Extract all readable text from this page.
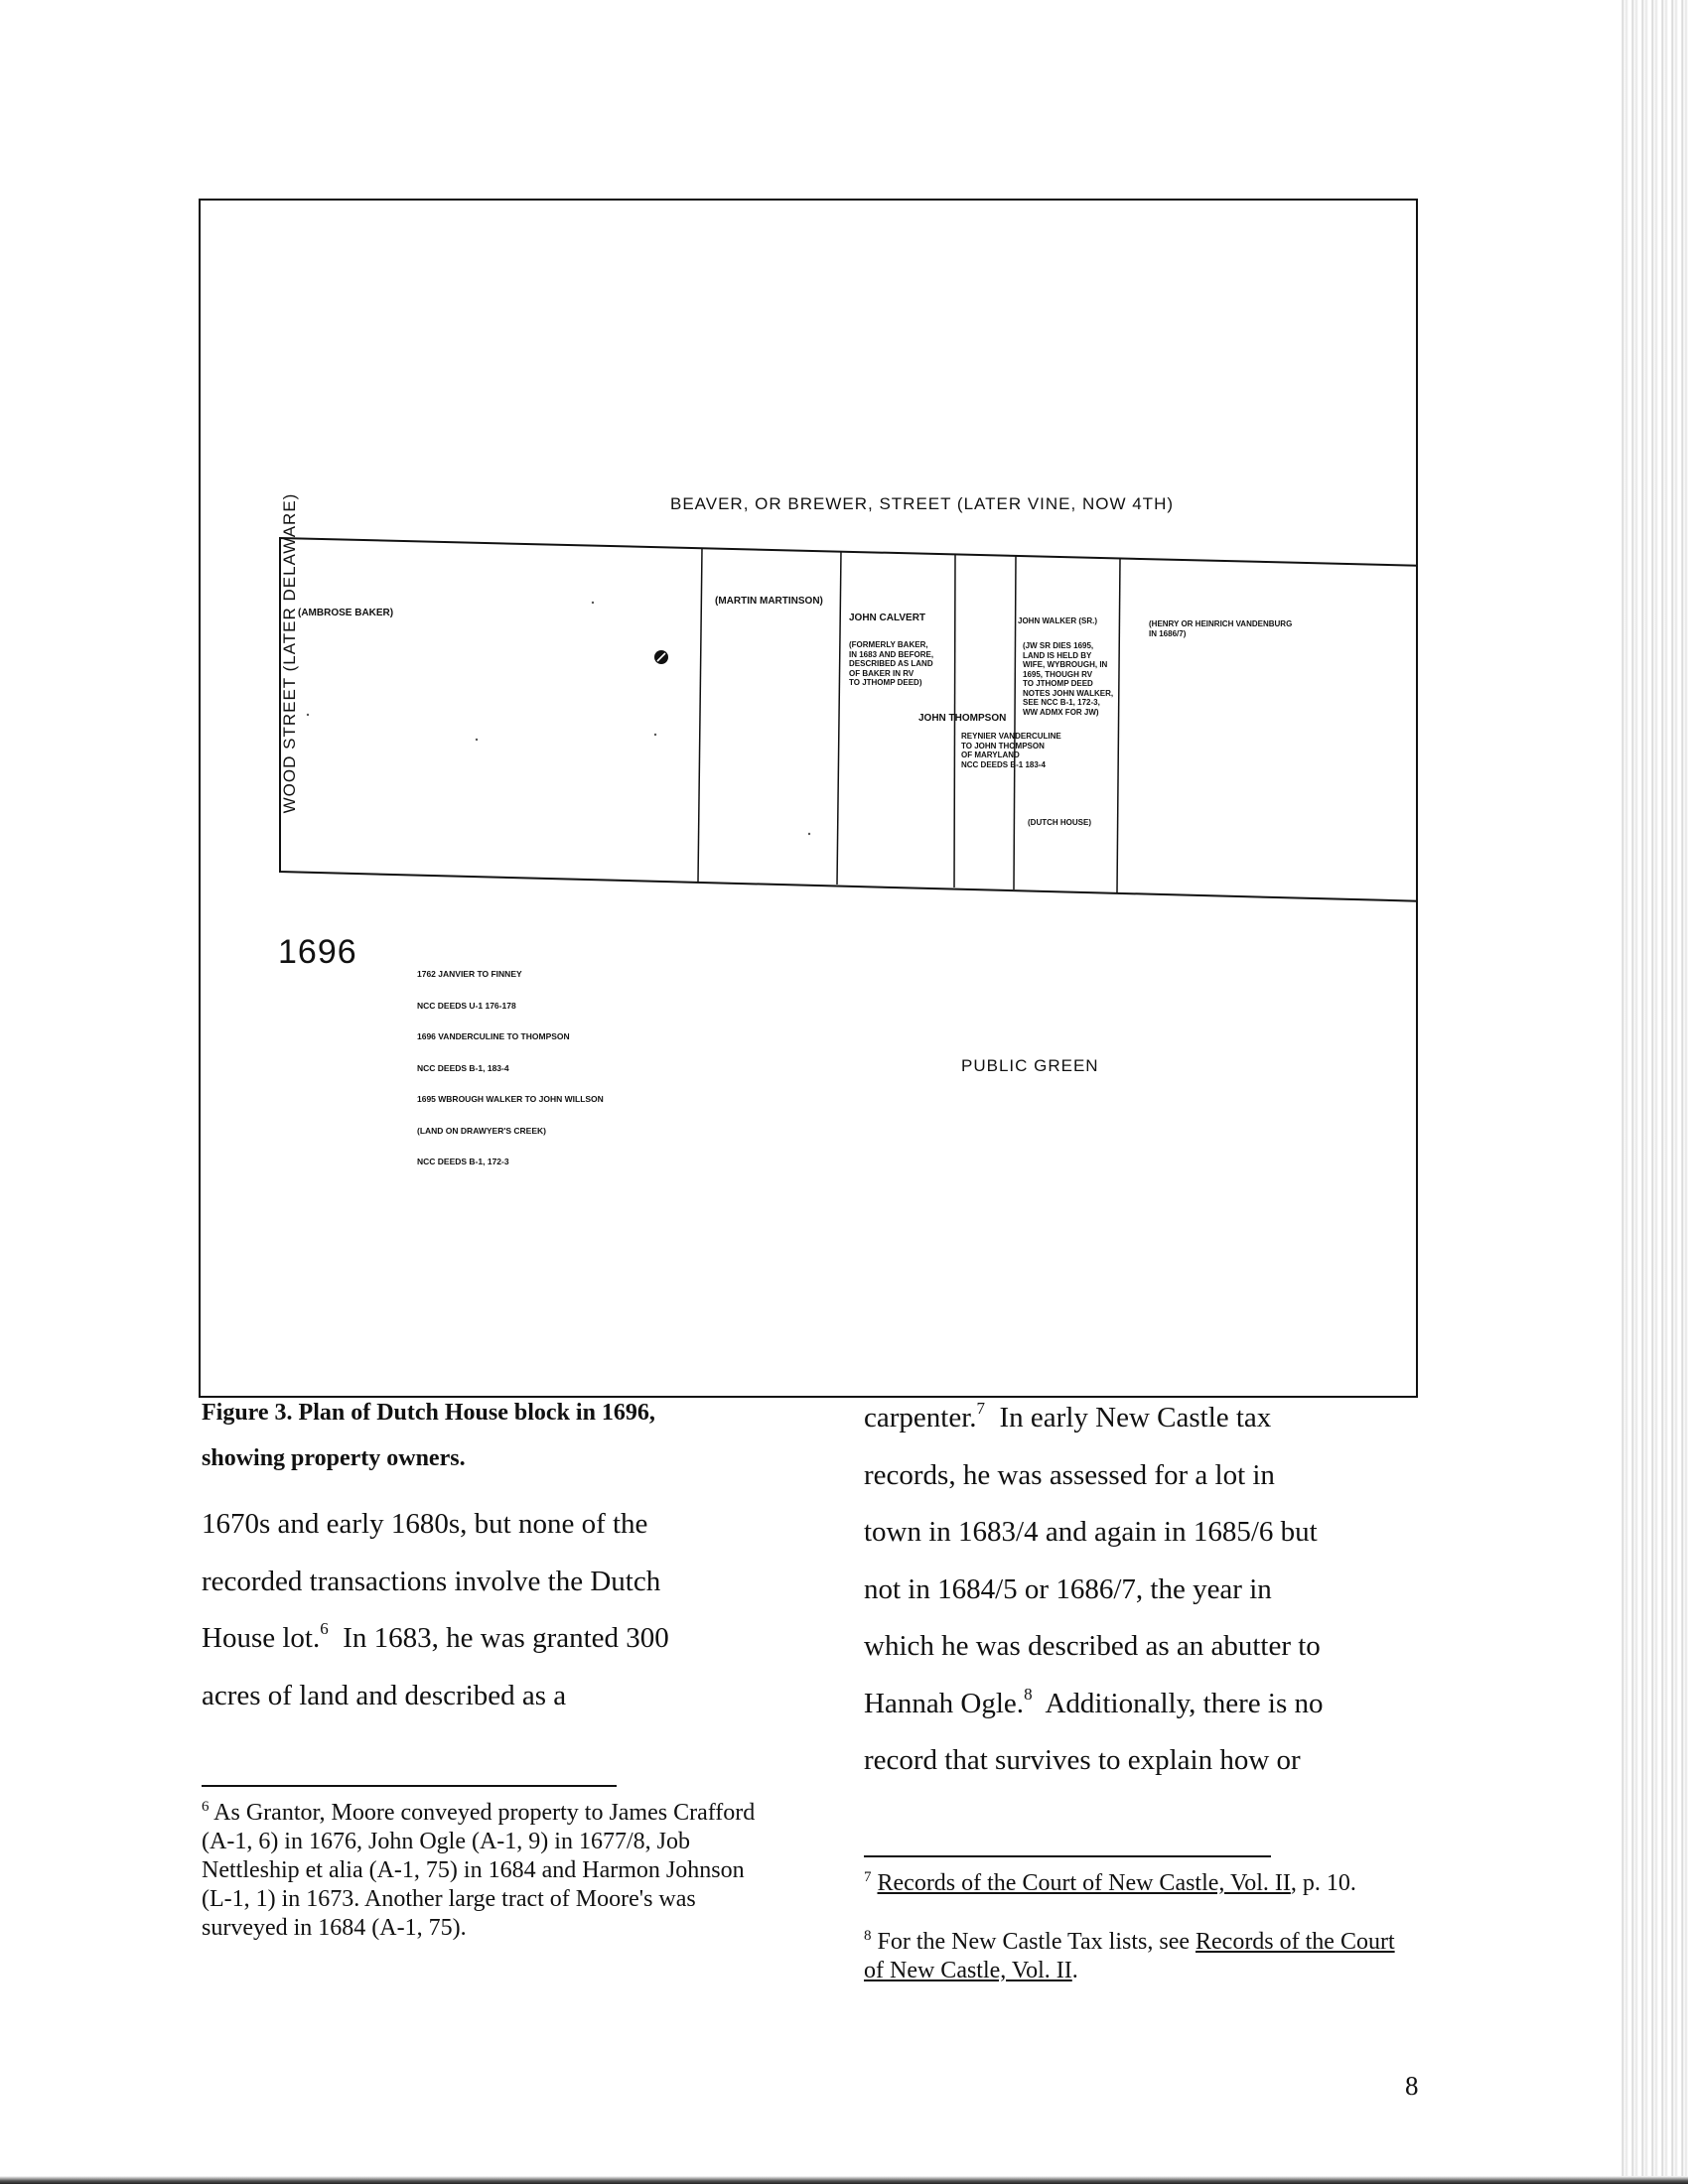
BEAVER, OR BREWER, STREET (LATER VINE, NOW 4TH)
WOOD STREET (LATER DELAWARE) (AMBROSE BAKER)
(MARTIN MARTINSON)
JOHN CALVERT
(FORMERLY BAKER,
IN 1683 AND BEFORE,
DESCRIBED AS LAND
OF BAKER IN RV
TO JTHOMP DEED)
JOHN THOMPSON
REYNIER VANDERCULINE
TO JOHN THOMPSON
OF MARYLAND
NCC DEEDS B-1 183-4
JOHN WALKER (SR.)
(JW SR DIES 1695,
LAND IS HELD BY
WIFE, WYBROUGH, IN
1695, THOUGH RV
TO JTHOMP DEED
NOTES JOHN WALKER,
SEE NCC B-1, 172-3,
WW ADMX FOR JW)
(DUTCH HOUSE)
(HENRY OR HEINRICH VANDENBURG
IN 1686/7)
1696

1762 JANVIER TO FINNEY

NCC DEEDS U-1 176-178

1696 VANDERCULINE TO THOMPSON

NCC DEEDS B-1, 183-4

1695 WBROUGH WALKER TO JOHN WILLSON

(LAND ON DRAWYER'S CREEK)

NCC DEEDS B-1, 172-3

PUBLIC GREEN
Figure 3. Plan of Dutch House block in 1696,
showing property owners.
1670s and early 1680s, but none of the
recorded transactions involve the Dutch
House lot.$^6$  In 1683, he was granted 300
acres of land and described as a
carpenter.$^7$  In early New Castle tax
records, he was assessed for a lot in
town in 1683/4 and again in 1685/6 but
not in 1684/5 or 1686/7, the year in
which he was described as an abutter to
Hannah Ogle.$^8$  Additionally, there is no
record that survives to explain how or
$^6$ As Grantor, Moore conveyed property to James Crafford (A-1, 6) in 1676, John Ogle (A-1, 9) in 1677/8, Job Nettleship et alia (A-1, 75) in 1684 and Harmon Johnson (L-1, 1) in 1673. Another large tract of Moore's was surveyed in 1684 (A-1, 75).
$^7$ Records of the Court of New Castle, Vol. II, p. 10.
$^8$ For the New Castle Tax lists, see Records of the Court of New Castle, Vol. II.
8
